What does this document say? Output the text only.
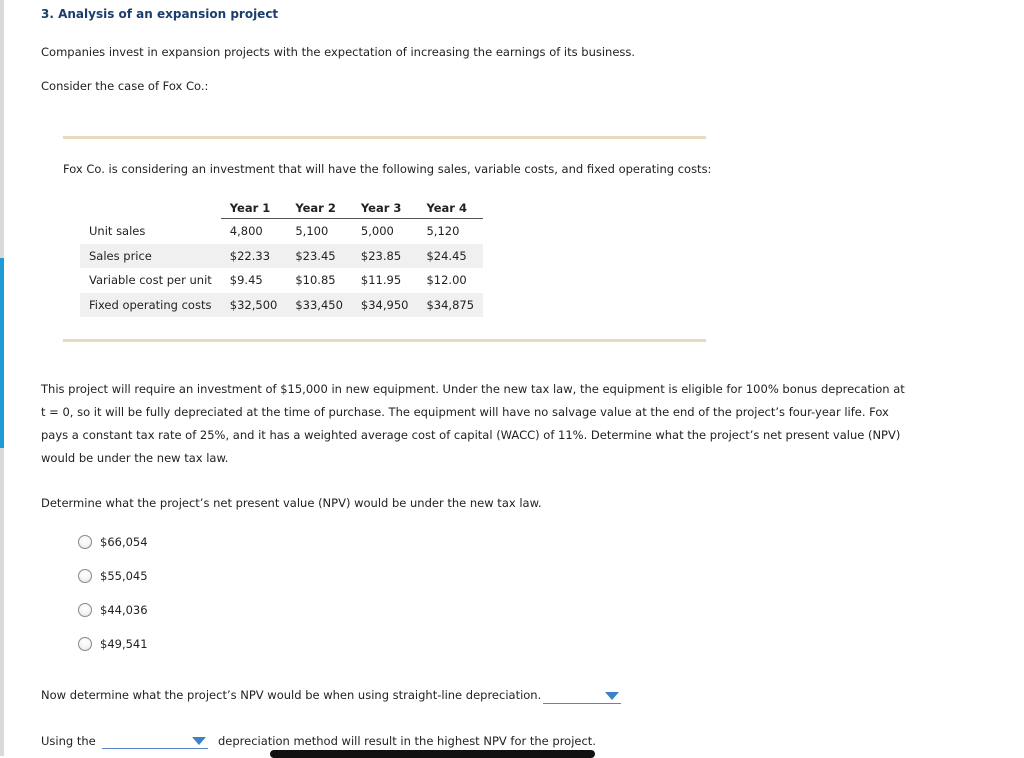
3. Analysis of an expansion project
Companies invest in expansion projects with the expectation of increasing the earnings of its business.
Consider the case of Fox Co.:
Fox Co. is considering an investment that will have the following sales, variable costs, and fixed operating costs:
	Year 1	Year 2	Year 3	Year 4
Unit sales	4,800	5,100	5,000	5,120
Sales price	$22.33	$23.45	$23.85	$24.45
Variable cost per unit	$9.45	$10.85	$11.95	$12.00
Fixed operating costs	$32,500	$33,450	$34,950	$34,875
This project will require an investment of $15,000 in new equipment. Under the new tax law, the equipment is eligible for 100% bonus deprecation at t = 0, so it will be fully depreciated at the time of purchase. The equipment will have no salvage value at the end of the project’s four-year life. Fox pays a constant tax rate of 25%, and it has a weighted average cost of capital (WACC) of 11%. Determine what the project’s net present value (NPV) would be under the new tax law.
Determine what the project’s net present value (NPV) would be under the new tax law.
$66,054
$55,045
$44,036
$49,541
Now determine what the project’s NPV would be when using straight-line depreciation.
Using the	depreciation method will result in the highest NPV for the project.
